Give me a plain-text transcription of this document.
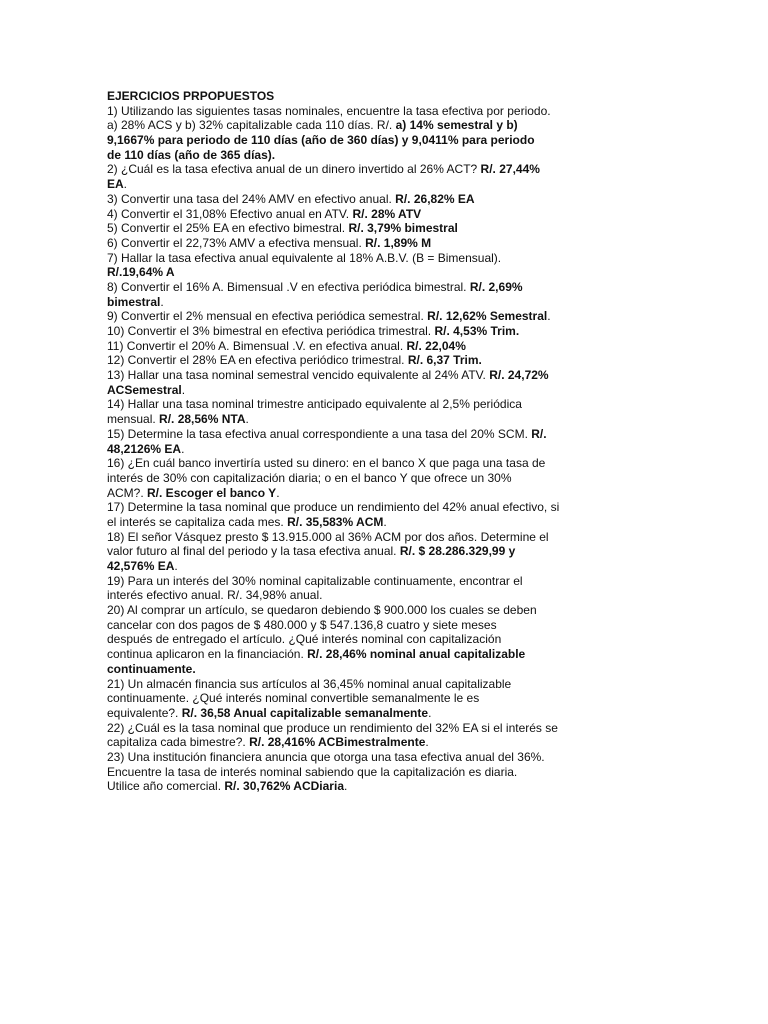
EJERCICIOS PRPOPUESTOS
1) Utilizando las siguientes tasas nominales, encuentre la tasa efectiva por periodo.
a) 28% ACS y b) 32% capitalizable cada 110 días. R/. a) 14% semestral y b)
9,1667% para periodo de 110 días (año de 360 días) y 9,0411% para periodo
de 110 días (año de 365 días).
2) ¿Cuál es la tasa efectiva anual de un dinero invertido al 26% ACT? R/. 27,44%
EA.
3) Convertir una tasa del 24% AMV en efectivo anual. R/. 26,82% EA
4) Convertir el 31,08% Efectivo anual en ATV. R/. 28% ATV
5) Convertir el 25% EA en efectivo bimestral. R/. 3,79% bimestral
6) Convertir el 22,73% AMV a efectiva mensual. R/. 1,89% M
7) Hallar la tasa efectiva anual equivalente al 18% A.B.V. (B = Bimensual).
R/.19,64% A
8) Convertir el 16% A. Bimensual .V en efectiva periódica bimestral. R/. 2,69%
bimestral.
9) Convertir el 2% mensual en efectiva periódica semestral. R/. 12,62% Semestral.
10) Convertir el 3% bimestral en efectiva periódica trimestral. R/. 4,53% Trim.
11) Convertir el 20% A. Bimensual .V. en efectiva anual. R/. 22,04%
12) Convertir el 28% EA en efectiva periódico trimestral. R/. 6,37 Trim.
13) Hallar una tasa nominal semestral vencido equivalente al 24% ATV. R/. 24,72%
ACSemestral.
14) Hallar una tasa nominal trimestre anticipado equivalente al 2,5% periódica
mensual. R/. 28,56% NTA.
15) Determine la tasa efectiva anual correspondiente a una tasa del 20% SCM. R/.
48,2126% EA.
16) ¿En cuál banco invertiría usted su dinero: en el banco X que paga una tasa de
interés de 30% con capitalización diaria; o en el banco Y que ofrece un 30%
ACM?. R/. Escoger el banco Y.
17) Determine la tasa nominal que produce un rendimiento del 42% anual efectivo, si
el interés se capitaliza cada mes. R/. 35,583% ACM.
18) El señor Vásquez presto $ 13.915.000 al 36% ACM por dos años. Determine el
valor futuro al final del periodo y la tasa efectiva anual. R/. $ 28.286.329,99 y
42,576% EA.
19) Para un interés del 30% nominal capitalizable continuamente, encontrar el
interés efectivo anual. R/. 34,98% anual.
20) Al comprar un artículo, se quedaron debiendo $ 900.000 los cuales se deben
cancelar con dos pagos de $ 480.000 y $ 547.136,8 cuatro y siete meses
después de entregado el artículo. ¿Qué interés nominal con capitalización
continua aplicaron en la financiación. R/. 28,46% nominal anual capitalizable
continuamente.
21) Un almacén financia sus artículos al 36,45% nominal anual capitalizable
continuamente. ¿Qué interés nominal convertible semanalmente le es
equivalente?. R/. 36,58 Anual capitalizable semanalmente.
22) ¿Cuál es la tasa nominal que produce un rendimiento del 32% EA si el interés se
capitaliza cada bimestre?. R/. 28,416% ACBimestralmente.
23) Una institución financiera anuncia que otorga una tasa efectiva anual del 36%.
Encuentre la tasa de interés nominal sabiendo que la capitalización es diaria.
Utilice año comercial. R/. 30,762% ACDiaria.
